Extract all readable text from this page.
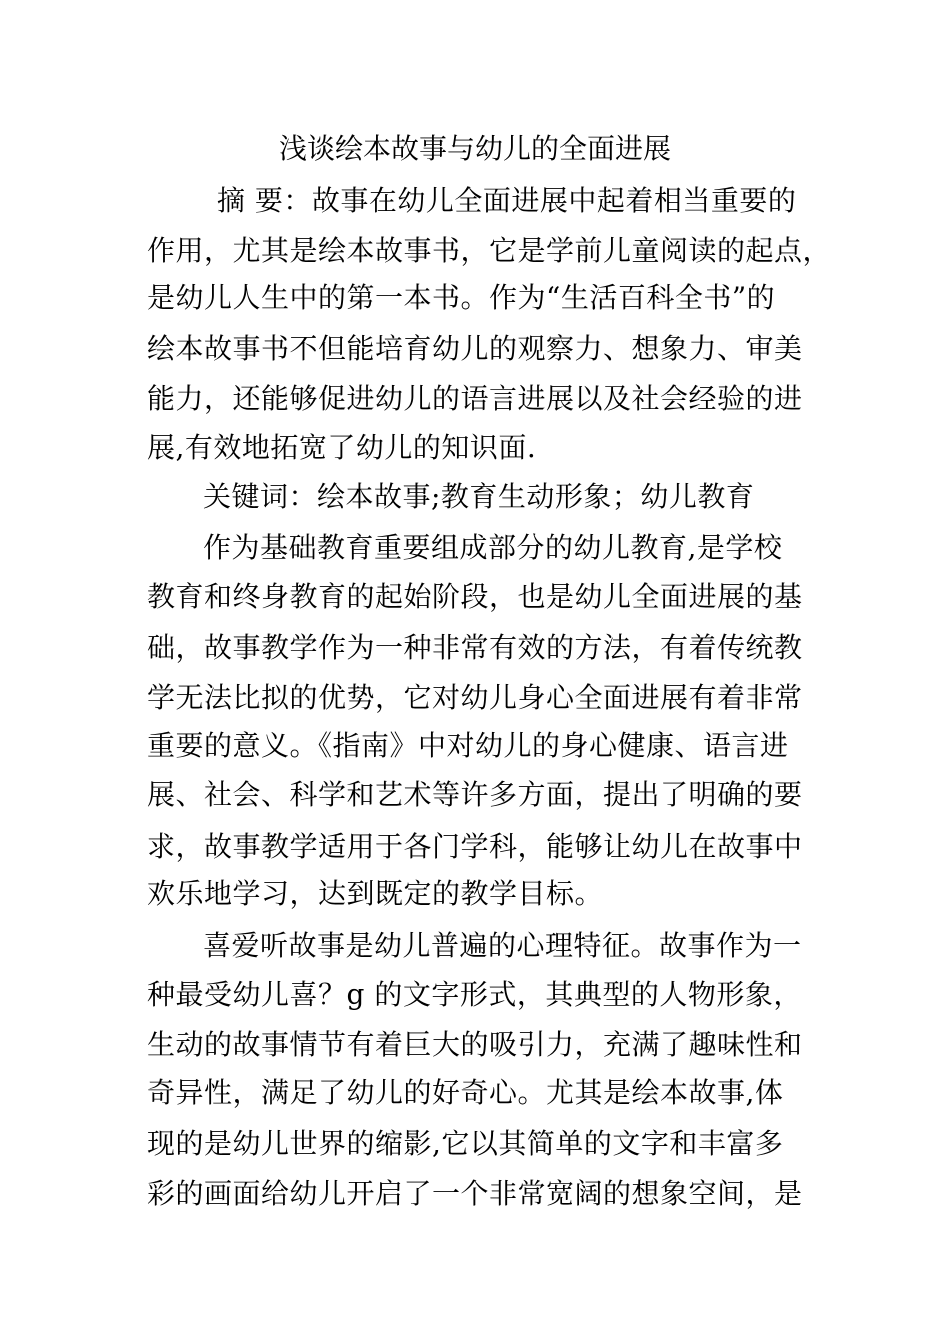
浅谈绘本故事与幼儿的全面进展
摘 要：故事在幼儿全面进展中起着相当重要的
作用，尤其是绘本故事书，它是学前儿童阅读的起点，
是幼儿人生中的第一本书。作为“生活百科全书”的
绘本故事书不但能培育幼儿的观察力、想象力、审美
能力，还能够促进幼儿的语言进展以及社会经验的进
展,有效地拓宽了幼儿的知识面.
关键词：绘本故事;教育生动形象；幼儿教育
作为基础教育重要组成部分的幼儿教育,是学校
教育和终身教育的起始阶段，也是幼儿全面进展的基
础，故事教学作为一种非常有效的方法，有着传统教
学无法比拟的优势，它对幼儿身心全面进展有着非常
重要的意义。《指南》中对幼儿的身心健康、语言进
展、社会、科学和艺术等许多方面，提出了明确的要
求，故事教学适用于各门学科，能够让幼儿在故事中
欢乐地学习，达到既定的教学目标。
喜爱听故事是幼儿普遍的心理特征。故事作为一
种最受幼儿喜？g 的文字形式，其典型的人物形象，
生动的故事情节有着巨大的吸引力，充满了趣味性和
奇异性，满足了幼儿的好奇心。尤其是绘本故事,体
现的是幼儿世界的缩影,它以其简单的文字和丰富多
彩的画面给幼儿开启了一个非常宽阔的想象空间，是
